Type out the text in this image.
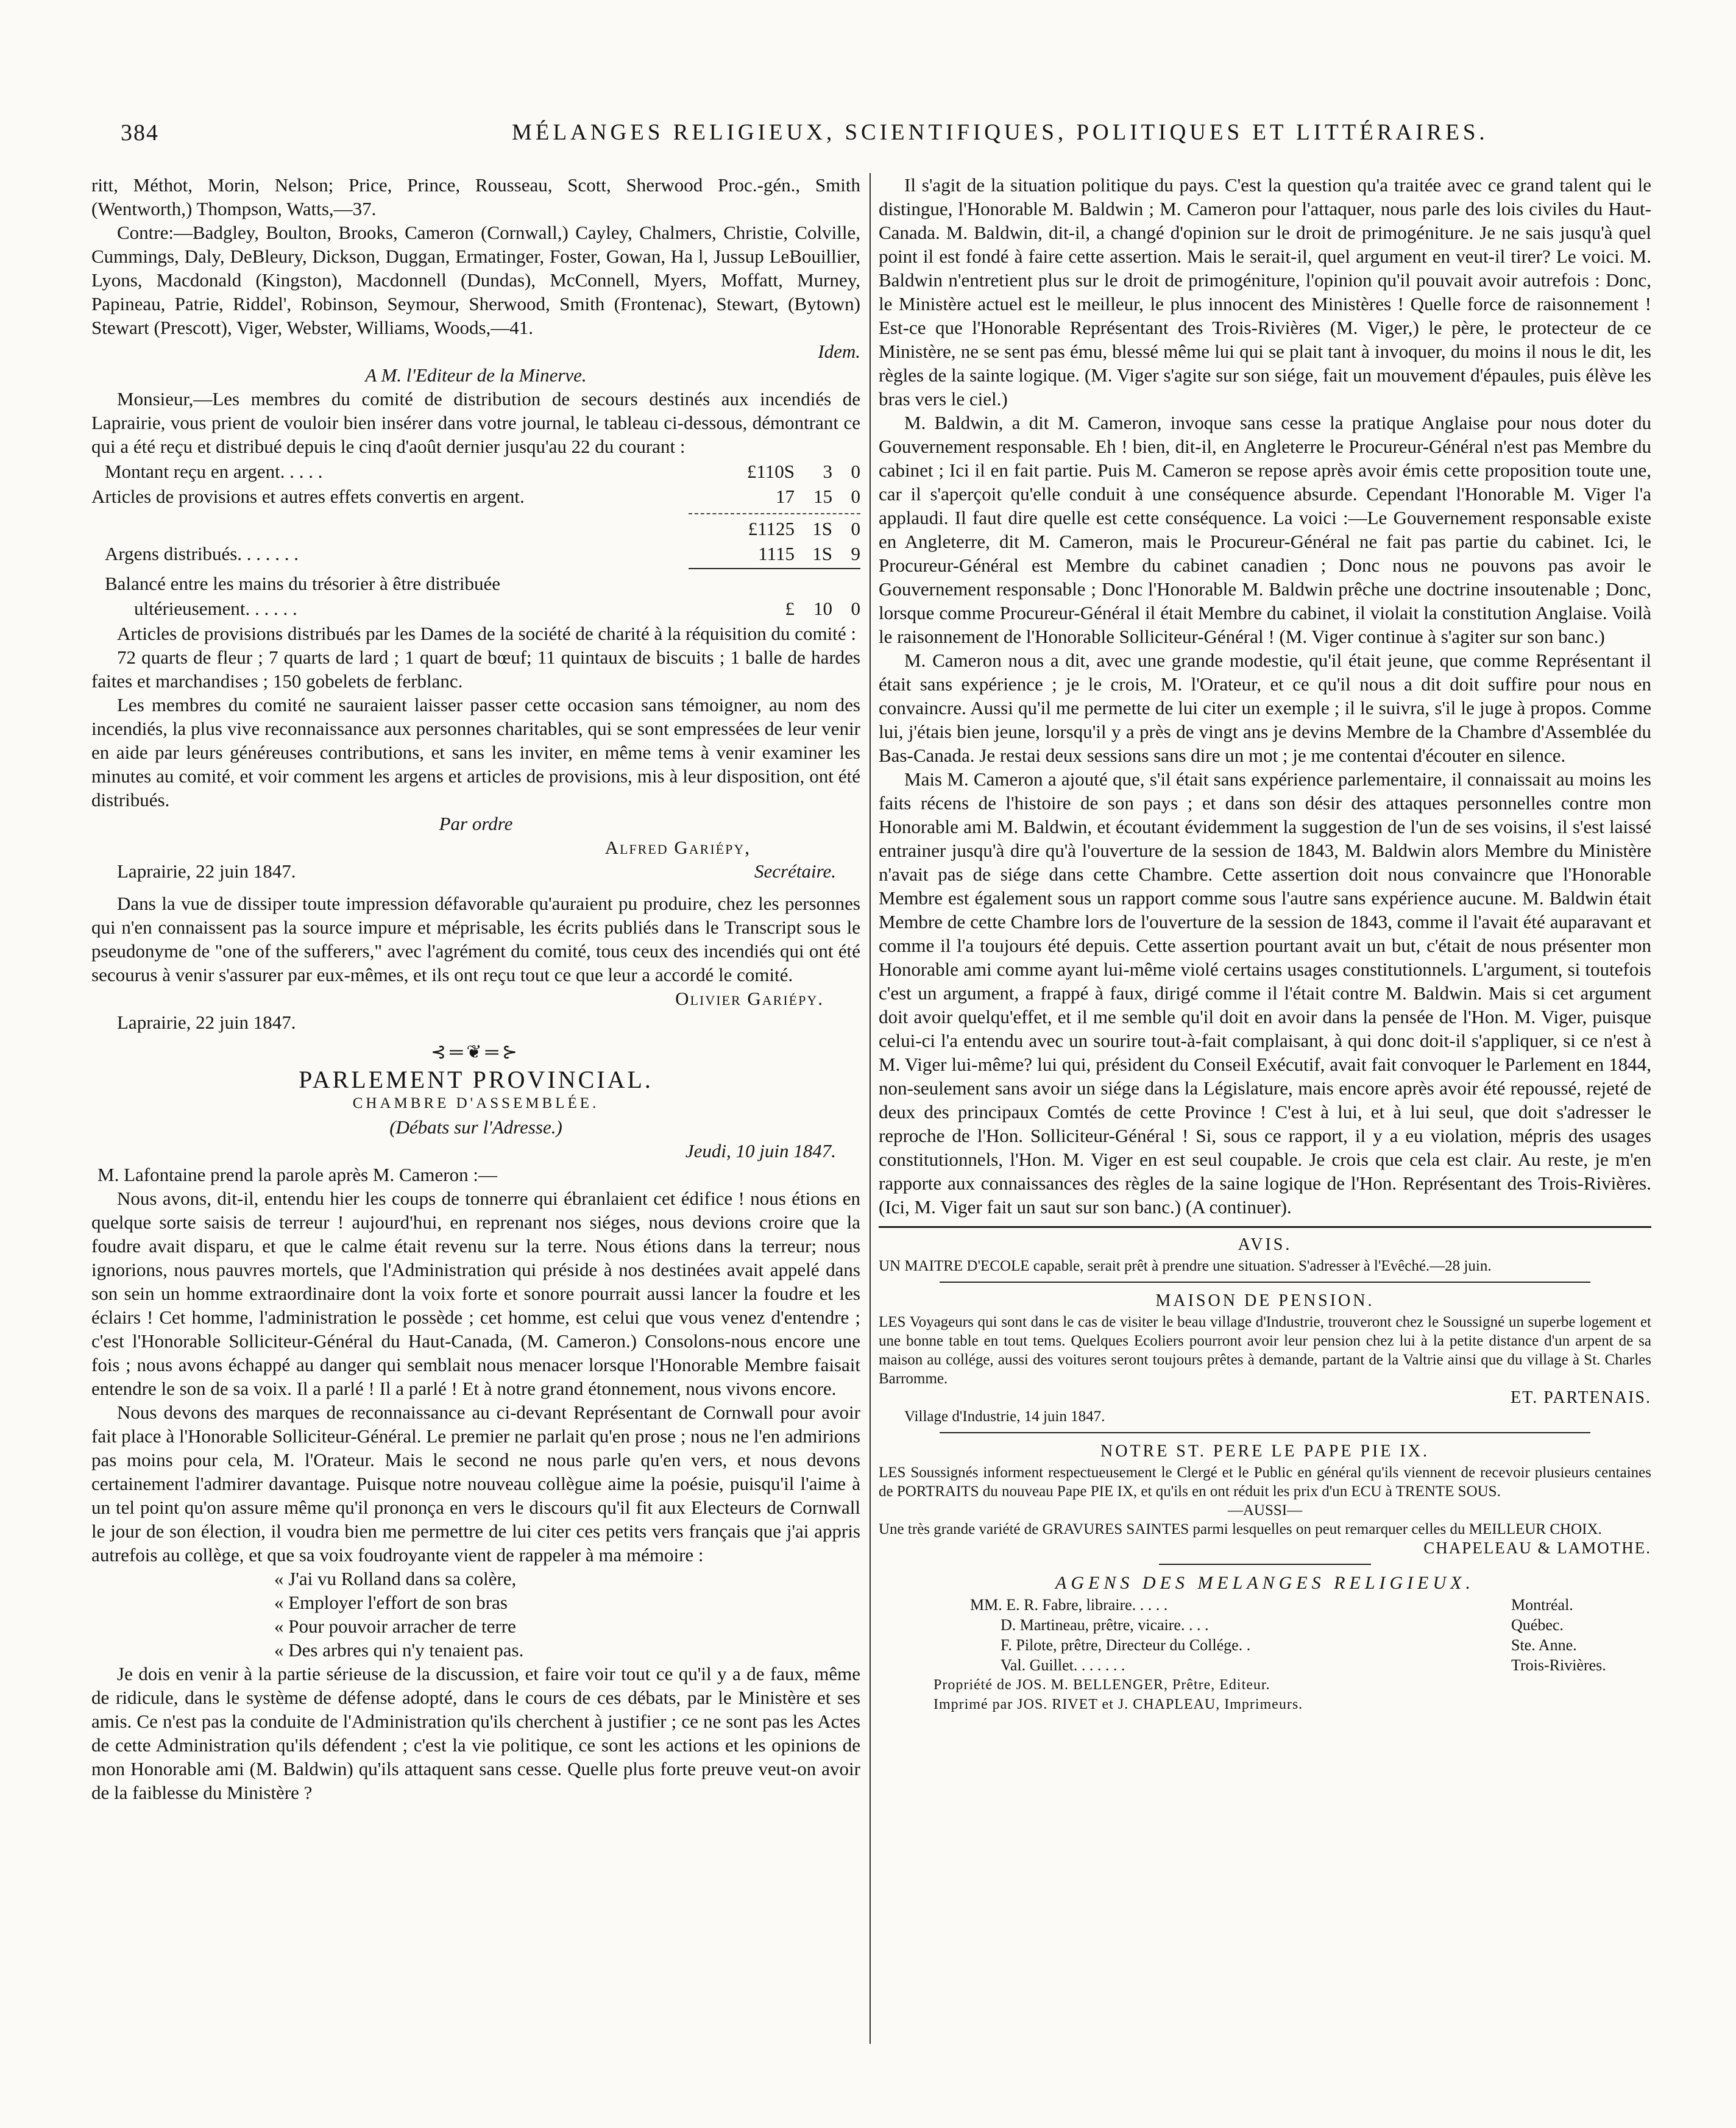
384	MÉLANGES RELIGIEUX, SCIENTIFIQUES, POLITIQUES ET LITTÉRAIRES.

ritt, Méthot, Morin, Nelson; Price, Prince, Rousseau, Scott, Sherwood Proc.-gén., Smith (Wentworth,) Thompson, Watts,—37.

Contre:—Badgley, Boulton, Brooks, Cameron (Cornwall,) Cayley, Chalmers, Christie, Colville, Cummings, Daly, DeBleury, Dickson, Duggan, Ermatinger, Foster, Gowan, Ha l, Jussup LeBouillier, Lyons, Macdonald (Kingston), Macdonnell (Dundas), McConnell, Myers, Moffatt, Murney, Papineau, Patrie, Riddel', Robinson, Seymour, Sherwood, Smith (Frontenac), Stewart, (Bytown) Stewart (Prescott), Viger, Webster, Williams, Woods,—41.

Idem.

A M. l'Editeur de la Minerve.

Monsieur,—Les membres du comité de distribution de secours destinés aux incendiés de Laprairie, vous prient de vouloir bien insérer dans votre journal, le tableau ci-dessous, démontrant ce qui a été reçu et distribué depuis le cinq d'août dernier jusqu'au 22 du courant :

Montant reçu en argent. . . . .	£110S	3 0
Articles de provisions et autres effets convertis en argent.	17	15 0
£1125 1S 0
Argens distribués. . . . . . .	1115 1S 9

Balancé entre les mains du trésorier à être distribuée

ultérieusement. . . . . .	£	10 0

Articles de provisions distribués par les Dames de la société de charité à la réquisition du comité :

72 quarts de fleur ; 7 quarts de lard ; 1 quart de bœuf; 11 quintaux de biscuits ; 1 balle de hardes faites et marchandises ; 150 gobelets de ferblanc.

Les membres du comité ne sauraient laisser passer cette occasion sans témoigner, au nom des incendiés, la plus vive reconnaissance aux personnes charitables, qui se sont empressées de leur venir en aide par leurs généreuses contributions, et sans les inviter, en même tems à venir examiner les minutes au comité, et voir comment les argens et articles de provisions, mis à leur disposition, ont été distribués.

Par ordre

Alfred Gariépy,

Laprairie, 22 juin 1847.	Secrétaire.

Dans la vue de dissiper toute impression défavorable qu'auraient pu produire, chez les personnes qui n'en connaissent pas la source impure et méprisable, les écrits publiés dans le Transcript sous le pseudonyme de "one of the sufferers," avec l'agrément du comité, tous ceux des incendiés qui ont été secourus à venir s'assurer par eux-mêmes, et ils ont reçu tout ce que leur a accordé le comité.

Olivier Gariépy.

Laprairie, 22 juin 1847.

⊰═❦═⊱
PARLEMENT PROVINCIAL.
CHAMBRE D'ASSEMBLÉE.

(Débats sur l'Adresse.)

Jeudi, 10 juin 1847.

M. Lafontaine prend la parole après M. Cameron :—

Nous avons, dit-il, entendu hier les coups de tonnerre qui ébranlaient cet édifice ! nous étions en quelque sorte saisis de terreur ! aujourd'hui, en reprenant nos siéges, nous devions croire que la foudre avait disparu, et que le calme était revenu sur la terre. Nous étions dans la terreur; nous ignorions, nous pauvres mortels, que l'Administration qui préside à nos destinées avait appelé dans son sein un homme extraordinaire dont la voix forte et sonore pourrait aussi lancer la foudre et les éclairs ! Cet homme, l'administration le possède ; cet homme, est celui que vous venez d'entendre ; c'est l'Honorable Solliciteur-Général du Haut-Canada, (M. Cameron.) Consolons-nous encore une fois ; nous avons échappé au danger qui semblait nous menacer lorsque l'Honorable Membre faisait entendre le son de sa voix. Il a parlé ! Il a parlé ! Et à notre grand étonnement, nous vivons encore.

Nous devons des marques de reconnaissance au ci-devant Représentant de Cornwall pour avoir fait place à l'Honorable Solliciteur-Général. Le premier ne parlait qu'en prose ; nous ne l'en admirions pas moins pour cela, M. l'Orateur. Mais le second ne nous parle qu'en vers, et nous devons certainement l'admirer davantage. Puisque notre nouveau collègue aime la poésie, puisqu'il l'aime à un tel point qu'on assure même qu'il prononça en vers le discours qu'il fit aux Electeurs de Cornwall le jour de son élection, il voudra bien me permettre de lui citer ces petits vers français que j'ai appris autrefois au collège, et que sa voix foudroyante vient de rappeler à ma mémoire :

« J'ai vu Rolland dans sa colère,

« Employer l'effort de son bras

« Pour pouvoir arracher de terre

« Des arbres qui n'y tenaient pas.

Je dois en venir à la partie sérieuse de la discussion, et faire voir tout ce qu'il y a de faux, même de ridicule, dans le système de défense adopté, dans le cours de ces débats, par le Ministère et ses amis. Ce n'est pas la conduite de l'Administration qu'ils cherchent à justifier ; ce ne sont pas les Actes de cette Administration qu'ils défendent ; c'est la vie politique, ce sont les actions et les opinions de mon Honorable ami (M. Baldwin) qu'ils attaquent sans cesse. Quelle plus forte preuve veut-on avoir de la faiblesse du Ministère ?

Il s'agit de la situation politique du pays. C'est la question qu'a traitée avec ce grand talent qui le distingue, l'Honorable M. Baldwin ; M. Cameron pour l'attaquer, nous parle des lois civiles du Haut-Canada. M. Baldwin, dit-il, a changé d'opinion sur le droit de primogéniture. Je ne sais jusqu'à quel point il est fondé à faire cette assertion. Mais le serait-il, quel argument en veut-il tirer? Le voici. M. Baldwin n'entretient plus sur le droit de primogéniture, l'opinion qu'il pouvait avoir autrefois : Donc, le Ministère actuel est le meilleur, le plus innocent des Ministères ! Quelle force de raisonnement ! Est-ce que l'Honorable Représentant des Trois-Rivières (M. Viger,) le père, le protecteur de ce Ministère, ne se sent pas ému, blessé même lui qui se plait tant à invoquer, du moins il nous le dit, les règles de la sainte logique. (M. Viger s'agite sur son siége, fait un mouvement d'épaules, puis élève les bras vers le ciel.)

M. Baldwin, a dit M. Cameron, invoque sans cesse la pratique Anglaise pour nous doter du Gouvernement responsable. Eh ! bien, dit-il, en Angleterre le Procureur-Général n'est pas Membre du cabinet ; Ici il en fait partie. Puis M. Cameron se repose après avoir émis cette proposition toute une, car il s'aperçoit qu'elle conduit à une conséquence absurde. Cependant l'Honorable M. Viger l'a applaudi. Il faut dire quelle est cette conséquence. La voici :—Le Gouvernement responsable existe en Angleterre, dit M. Cameron, mais le Procureur-Général ne fait pas partie du cabinet. Ici, le Procureur-Général est Membre du cabinet canadien ; Donc nous ne pouvons pas avoir le Gouvernement responsable ; Donc l'Honorable M. Baldwin prêche une doctrine insoutenable ; Donc, lorsque comme Procureur-Général il était Membre du cabinet, il violait la constitution Anglaise. Voilà le raisonnement de l'Honorable Solliciteur-Général ! (M. Viger continue à s'agiter sur son banc.)

M. Cameron nous a dit, avec une grande modestie, qu'il était jeune, que comme Représentant il était sans expérience ; je le crois, M. l'Orateur, et ce qu'il nous a dit doit suffire pour nous en convaincre. Aussi qu'il me permette de lui citer un exemple ; il le suivra, s'il le juge à propos. Comme lui, j'étais bien jeune, lorsqu'il y a près de vingt ans je devins Membre de la Chambre d'Assemblée du Bas-Canada. Je restai deux sessions sans dire un mot ; je me contentai d'écouter en silence.

Mais M. Cameron a ajouté que, s'il était sans expérience parlementaire, il connaissait au moins les faits récens de l'histoire de son pays ; et dans son désir des attaques personnelles contre mon Honorable ami M. Baldwin, et écoutant évidemment la suggestion de l'un de ses voisins, il s'est laissé entrainer jusqu'à dire qu'à l'ouverture de la session de 1843, M. Baldwin alors Membre du Ministère n'avait pas de siége dans cette Chambre. Cette assertion doit nous convaincre que l'Honorable Membre est également sous un rapport comme sous l'autre sans expérience aucune. M. Baldwin était Membre de cette Chambre lors de l'ouverture de la session de 1843, comme il l'avait été auparavant et comme il l'a toujours été depuis. Cette assertion pourtant avait un but, c'était de nous présenter mon Honorable ami comme ayant lui-même violé certains usages constitutionnels. L'argument, si toutefois c'est un argument, a frappé à faux, dirigé comme il l'était contre M. Baldwin. Mais si cet argument doit avoir quelqu'effet, et il me semble qu'il doit en avoir dans la pensée de l'Hon. M. Viger, puisque celui-ci l'a entendu avec un sourire tout-à-fait complaisant, à qui donc doit-il s'appliquer, si ce n'est à M. Viger lui-même? lui qui, président du Conseil Exécutif, avait fait convoquer le Parlement en 1844, non-seulement sans avoir un siége dans la Législature, mais encore après avoir été repoussé, rejeté de deux des principaux Comtés de cette Province ! C'est à lui, et à lui seul, que doit s'adresser le reproche de l'Hon. Solliciteur-Général ! Si, sous ce rapport, il y a eu violation, mépris des usages constitutionnels, l'Hon. M. Viger en est seul coupable. Je crois que cela est clair. Au reste, je m'en rapporte aux connaissances des règles de la saine logique de l'Hon. Représentant des Trois-Rivières. (Ici, M. Viger fait un saut sur son banc.) (A continuer).

AVIS.

UN MAITRE D'ECOLE capable, serait prêt à prendre une situation. S'adresser à l'Evêché.—28 juin.

MAISON DE PENSION.

LES Voyageurs qui sont dans le cas de visiter le beau village d'Industrie, trouveront chez le Soussigné un superbe logement et une bonne table en tout tems. Quelques Ecoliers pourront avoir leur pension chez lui à la petite distance d'un arpent de sa maison au collége, aussi des voitures seront toujours prêtes à demande, partant de la Valtrie ainsi que du village à St. Charles Barromme.

ET. PARTENAIS.

Village d'Industrie, 14 juin 1847.

NOTRE ST. PERE LE PAPE PIE IX.

LES Soussignés informent respectueusement le Clergé et le Public en général qu'ils viennent de recevoir plusieurs centaines de PORTRAITS du nouveau Pape PIE IX, et qu'ils en ont réduit les prix d'un ECU à TRENTE SOUS.

—AUSSI—

Une très grande variété de GRAVURES SAINTES parmi lesquelles on peut remarquer celles du MEILLEUR CHOIX.

CHAPELEAU & LAMOTHE.

AGENS DES MELANGES RELIGIEUX.
MM. E. R. Fabre, libraire. . . . .	Montréal.
D. Martineau, prêtre, vicaire. . . .	Québec.
F. Pilote, prêtre, Directeur du Collége. .	Ste. Anne.
Val. Guillet. . . . . . .	Trois-Rivières.

Propriété de JOS. M. BELLENGER, Prêtre, Editeur.

Imprimé par JOS. RIVET et J. CHAPLEAU, Imprimeurs.
